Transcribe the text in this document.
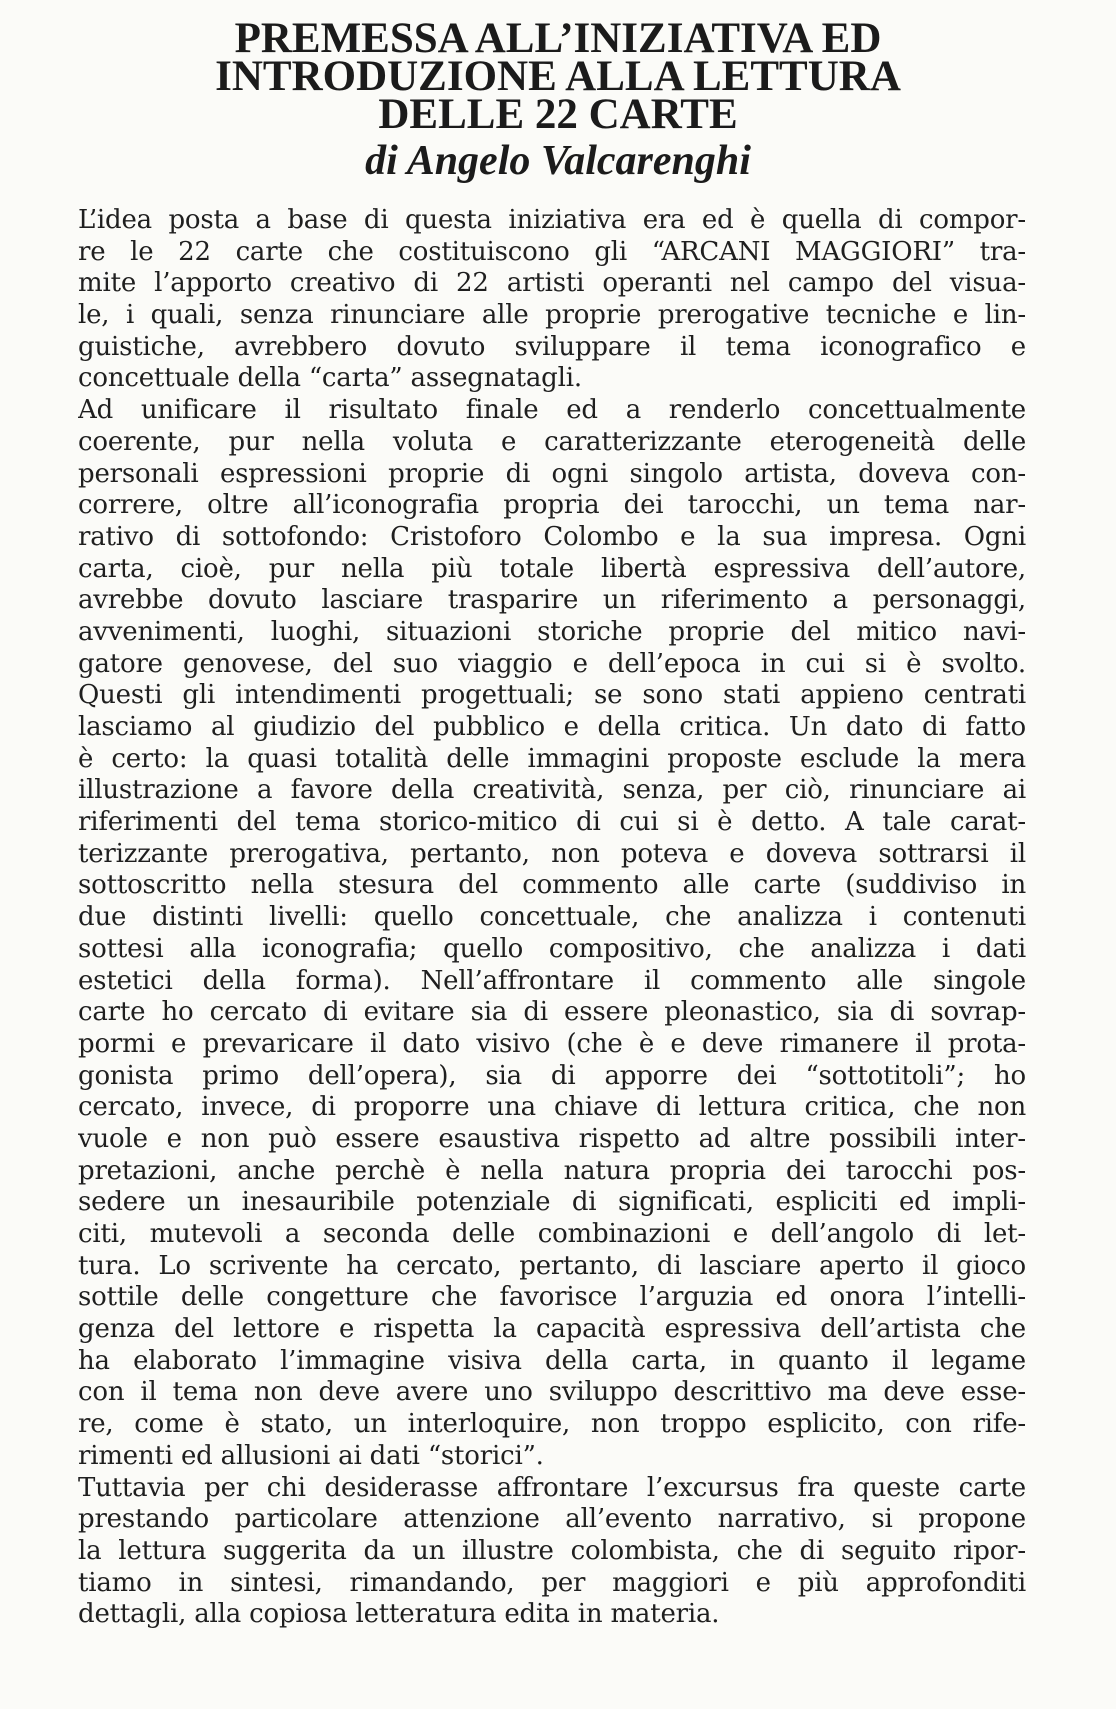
PREMESSA ALL’INIZIATIVA ED
INTRODUZIONE ALLA LETTURA
DELLE 22 CARTE
di Angelo Valcarenghi
L’idea posta a base di questa iniziativa era ed è quella di compor-
re le 22 carte che costituiscono gli “ARCANI MAGGIORI” tra-
mite l’apporto creativo di 22 artisti operanti nel campo del visua-
le, i quali, senza rinunciare alle proprie prerogative tecniche e lin-
guistiche, avrebbero dovuto sviluppare il tema iconografico e
concettuale della “carta” assegnatagli.
Ad unificare il risultato finale ed a renderlo concettualmente
coerente, pur nella voluta e caratterizzante eterogeneità delle
personali espressioni proprie di ogni singolo artista, doveva con-
correre, oltre all’iconografia propria dei tarocchi, un tema nar-
rativo di sottofondo: Cristoforo Colombo e la sua impresa. Ogni
carta, cioè, pur nella più totale libertà espressiva dell’autore,
avrebbe dovuto lasciare trasparire un riferimento a personaggi,
avvenimenti, luoghi, situazioni storiche proprie del mitico navi-
gatore genovese, del suo viaggio e dell’epoca in cui si è svolto.
Questi gli intendimenti progettuali; se sono stati appieno centrati
lasciamo al giudizio del pubblico e della critica. Un dato di fatto
è certo: la quasi totalità delle immagini proposte esclude la mera
illustrazione a favore della creatività, senza, per ciò, rinunciare ai
riferimenti del tema storico-mitico di cui si è detto. A tale carat-
terizzante prerogativa, pertanto, non poteva e doveva sottrarsi il
sottoscritto nella stesura del commento alle carte (suddiviso in
due distinti livelli: quello concettuale, che analizza i contenuti
sottesi alla iconografia; quello compositivo, che analizza i dati
estetici della forma). Nell’affrontare il commento alle singole
carte ho cercato di evitare sia di essere pleonastico, sia di sovrap-
pormi e prevaricare il dato visivo (che è e deve rimanere il prota-
gonista primo dell’opera), sia di apporre dei “sottotitoli”; ho
cercato, invece, di proporre una chiave di lettura critica, che non
vuole e non può essere esaustiva rispetto ad altre possibili inter-
pretazioni, anche perchè è nella natura propria dei tarocchi pos-
sedere un inesauribile potenziale di significati, espliciti ed impli-
citi, mutevoli a seconda delle combinazioni e dell’angolo di let-
tura. Lo scrivente ha cercato, pertanto, di lasciare aperto il gioco
sottile delle congetture che favorisce l’arguzia ed onora l’intelli-
genza del lettore e rispetta la capacità espressiva dell’artista che
ha elaborato l’immagine visiva della carta, in quanto il legame
con il tema non deve avere uno sviluppo descrittivo ma deve esse-
re, come è stato, un interloquire, non troppo esplicito, con rife-
rimenti ed allusioni ai dati “storici”.
Tuttavia per chi desiderasse affrontare l’excursus fra queste carte
prestando particolare attenzione all’evento narrativo, si propone
la lettura suggerita da un illustre colombista, che di seguito ripor-
tiamo in sintesi, rimandando, per maggiori e più approfonditi
dettagli, alla copiosa letteratura edita in materia.
